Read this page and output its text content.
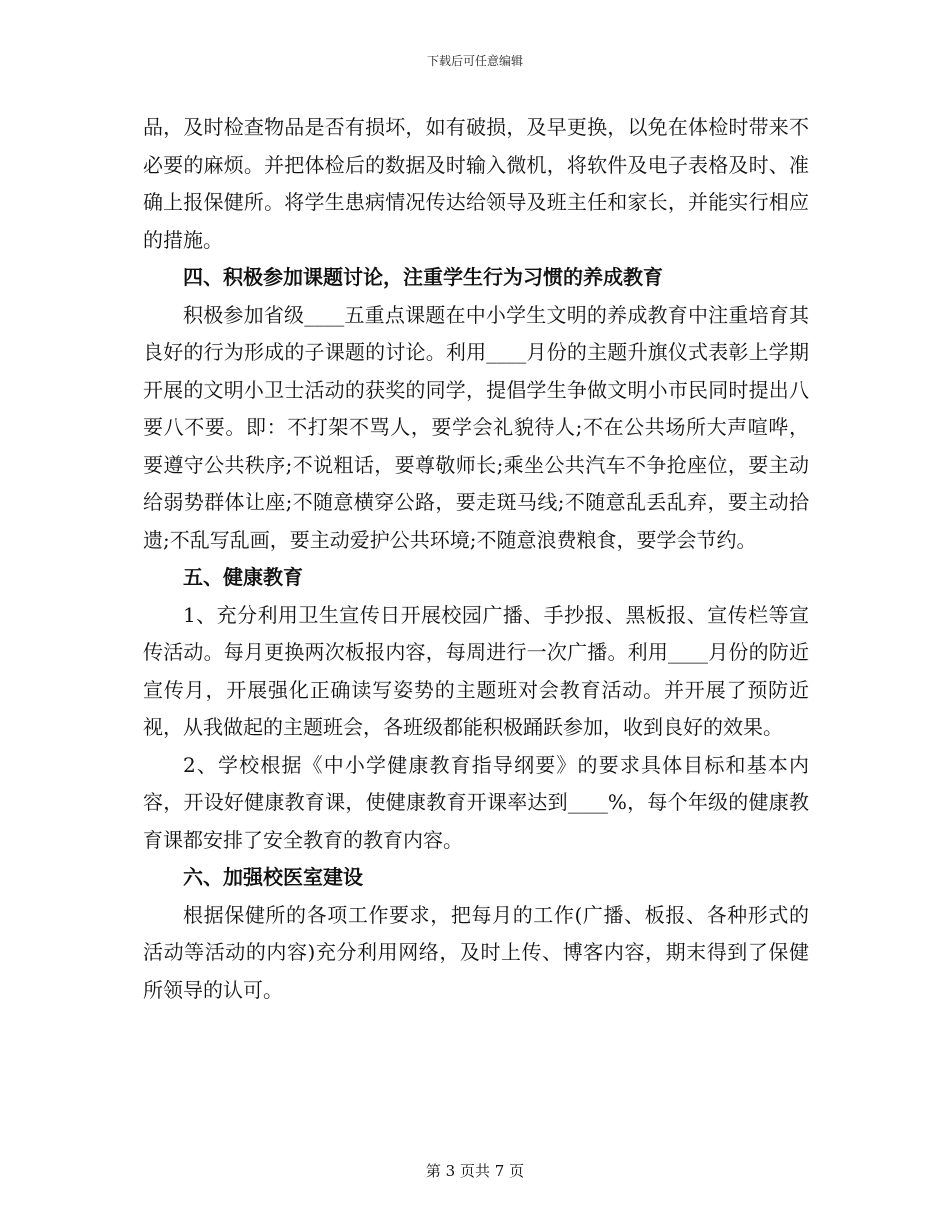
下载后可任意编辑

品，及时检查物品是否有损坏，如有破损，及早更换，以免在体检时带来不必要的麻烦。并把体检后的数据及时输入微机，将软件及电子表格及时、准确上报保健所。将学生患病情况传达给领导及班主任和家长，并能实行相应的措施。

四、积极参加课题讨论，注重学生行为习惯的养成教育

积极参加省级____五重点课题在中小学生文明的养成教育中注重培育其良好的行为形成的子课题的讨论。利用____月份的主题升旗仪式表彰上学期开展的文明小卫士活动的获奖的同学，提倡学生争做文明小市民同时提出八要八不要。即：不打架不骂人，要学会礼貌待人;不在公共场所大声喧哗，要遵守公共秩序;不说粗话，要尊敬师长;乘坐公共汽车不争抢座位，要主动给弱势群体让座;不随意横穿公路，要走斑马线;不随意乱丢乱弃，要主动拾遗;不乱写乱画，要主动爱护公共环境;不随意浪费粮食，要学会节约。

五、健康教育

1、充分利用卫生宣传日开展校园广播、手抄报、黑板报、宣传栏等宣传活动。每月更换两次板报内容，每周进行一次广播。利用____月份的防近宣传月，开展强化正确读写姿势的主题班对会教育活动。并开展了预防近视，从我做起的主题班会，各班级都能积极踊跃参加，收到良好的效果。

2、学校根据《中小学健康教育指导纲要》的要求具体目标和基本内容，开设好健康教育课，使健康教育开课率达到____%，每个年级的健康教育课都安排了安全教育的教育内容。

六、加强校医室建设

根据保健所的各项工作要求，把每月的工作(广播、板报、各种形式的活动等活动的内容)充分利用网络，及时上传、博客内容，期末得到了保健所领导的认可。

第 3 页共 7 页
